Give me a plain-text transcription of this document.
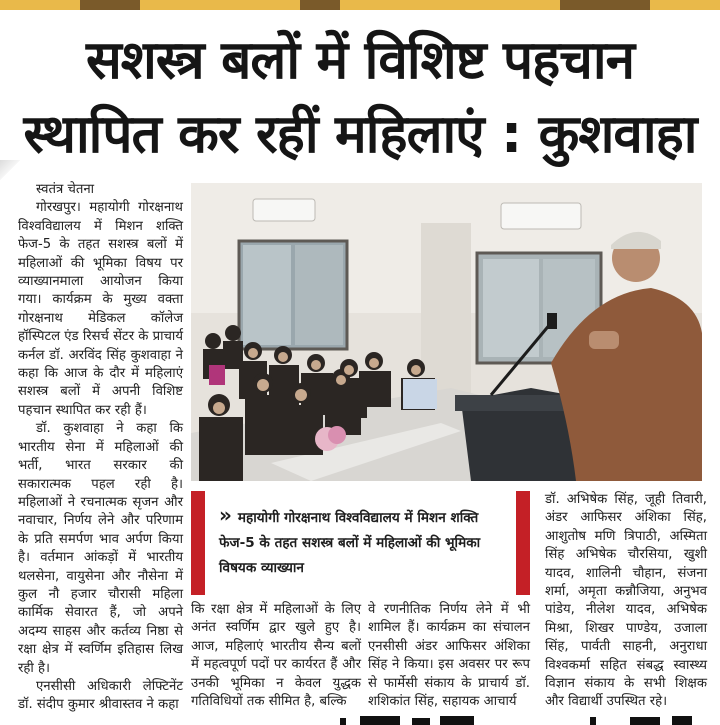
सशस्त्र बलों में विशिष्ट पहचान
स्थापित कर रहीं महिलाएं : कुशवाहा

स्वतंत्र चेतना

गोरखपुर। महायोगी गोरक्षनाथ विश्वविद्यालय में मिशन शक्ति फेज-5 के तहत सशस्त्र बलों में महिलाओं की भूमिका विषय पर व्याख्यानमाला आयोजन किया गया। कार्यक्रम के मुख्य वक्ता गोरक्षनाथ मेडिकल कॉलेज हॉस्पिटल एंड रिसर्च सेंटर के प्राचार्य कर्नल डॉ. अरविंद सिंह कुशवाहा ने कहा कि आज के दौर में महिलाएं सशस्त्र बलों में अपनी विशिष्ट पहचान स्थापित कर रही हैं।

डॉ. कुशवाहा ने कहा कि भारतीय सेना में महिलाओं की भर्ती, भारत सरकार की सकारात्मक पहल रही है। महिलाओं ने रचनात्मक सृजन और नवाचार, निर्णय लेने और परिणाम के प्रति समर्पण भाव अर्पण किया है। वर्तमान आंकड़ों में भारतीय थलसेना, वायुसेना और नौसेना में कुल नौ हजार चौरासी महिला कार्मिक सेवारत हैं, जो अपने अदम्य साहस और कर्तव्य निष्ठा से रक्षा क्षेत्र में स्वर्णिम इतिहास लिख रही है।

एनसीसी अधिकारी लेफ्टिनेंट डॉ. संदीप कुमार श्रीवास्तव ने कहा

» महायोगी गोरक्षनाथ विश्वविद्यालय में मिशन शक्ति फेज-5 के तहत सशस्त्र बलों में महिलाओं की भूमिका विषयक व्याख्यान
कि रक्षा क्षेत्र में महिलाओं के लिए अनंत स्वर्णिम द्वार खुले हुए है। आज, महिलाएं भारतीय सैन्य बलों में महत्वपूर्ण पदों पर कार्यरत हैं और उनकी भूमिका न केवल युद्धक गतिविधियों तक सीमित है, बल्कि
वे रणनीतिक निर्णय लेने में भी शामिल हैं। कार्यक्रम का संचालन एनसीसी अंडर आफिसर अंशिका सिंह ने किया। इस अवसर पर रूप से फार्मेसी संकाय के प्राचार्य डॉ. शशिकांत सिंह, सहायक आचार्य
डॉ. अभिषेक सिंह, जूही तिवारी, अंडर आफिसर अंशिका सिंह, आशुतोष मणि त्रिपाठी, अस्मिता सिंह अभिषेक चौरसिया, खुशी यादव, शालिनी चौहान, संजना शर्मा, अमृता कन्नौजिया, अनुभव पांडेय, नीलेश यादव, अभिषेक मिश्रा, शिखर पाण्डेय, उजाला सिंह, पार्वती साहनी, अनुराधा विश्वकर्मा सहित संबद्ध स्वास्थ्य विज्ञान संकाय के सभी शिक्षक और विद्यार्थी उपस्थित रहे।
